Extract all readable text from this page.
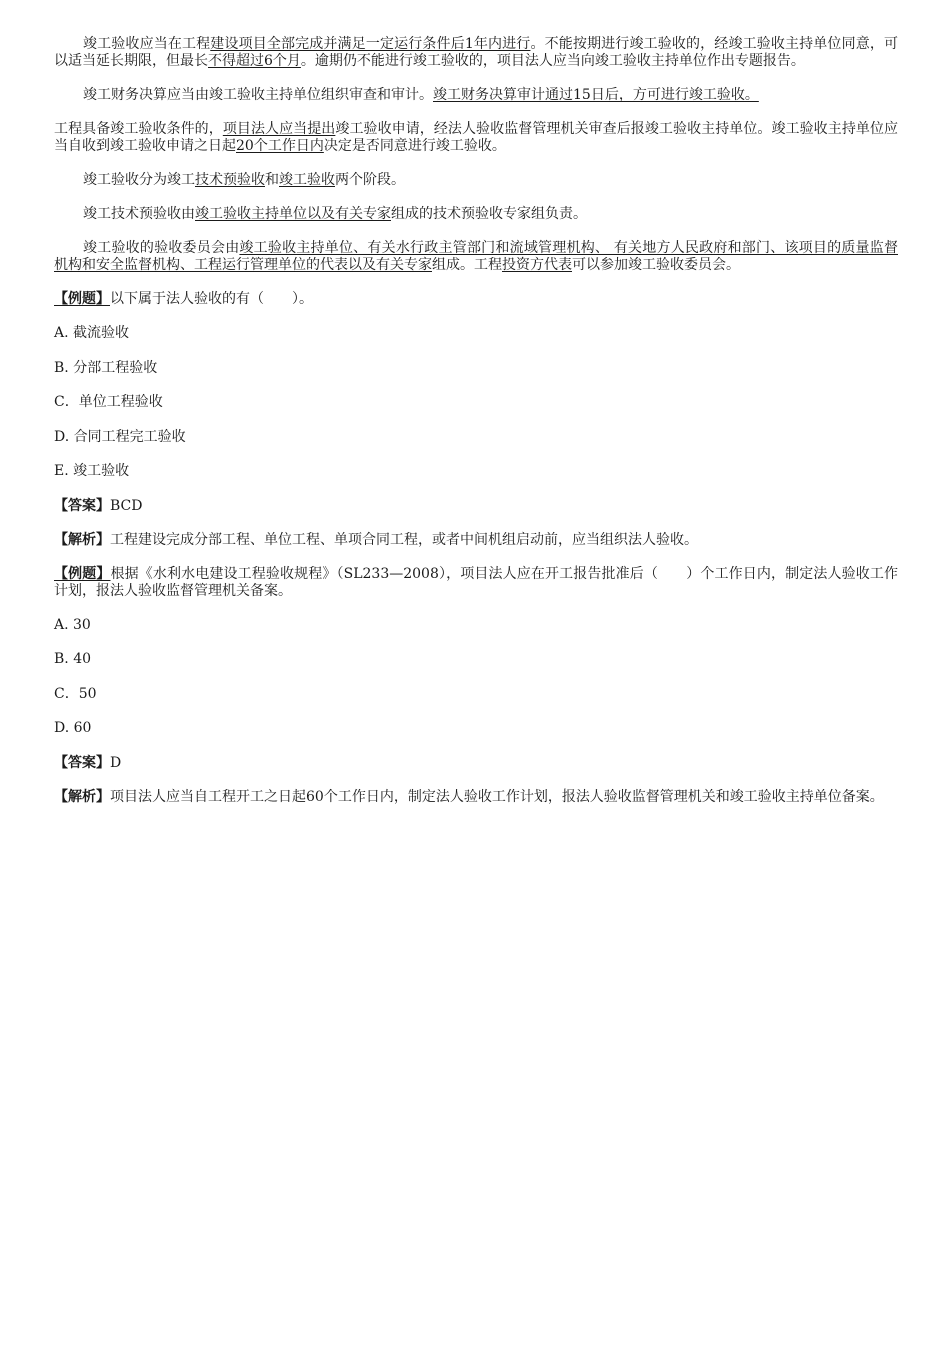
竣工验收应当在工程建设项目全部完成并满足一定运行条件后1年内进行。不能按期进行竣工验收的，经竣工验收主持单位同意，可以适当延长期限，但最长不得超过6个月。逾期仍不能进行竣工验收的，项目法人应当向竣工验收主持单位作出专题报告。

竣工财务决算应当由竣工验收主持单位组织审查和审计。竣工财务决算审计通过15日后，方可进行竣工验收。

工程具备竣工验收条件的，项目法人应当提出竣工验收申请，经法人验收监督管理机关审查后报竣工验收主持单位。竣工验收主持单位应当自收到竣工验收申请之日起20个工作日内决定是否同意进行竣工验收。

竣工验收分为竣工技术预验收和竣工验收两个阶段。

竣工技术预验收由竣工验收主持单位以及有关专家组成的技术预验收专家组负责。

竣工验收的验收委员会由竣工验收主持单位、有关水行政主管部门和流域管理机构、 有关地方人民政府和部门、该项目的质量监督机构和安全监督机构、工程运行管理单位的代表以及有关专家组成。工程投资方代表可以参加竣工验收委员会。

【例题】以下属于法人验收的有（　　）。

A. 截流验收

B. 分部工程验收

C．单位工程验收

D. 合同工程完工验收

E. 竣工验收

【答案】BCD

【解析】工程建设完成分部工程、单位工程、单项合同工程，或者中间机组启动前，应当组织法人验收。

【例题】根据《水利水电建设工程验收规程》（SL233—2008），项目法人应在开工报告批准后（　　）个工作日内，制定法人验收工作计划，报法人验收监督管理机关备案。

A. 30

B. 40

C．50

D. 60

【答案】D

【解析】项目法人应当自工程开工之日起60个工作日内，制定法人验收工作计划，报法人验收监督管理机关和竣工验收主持单位备案。
